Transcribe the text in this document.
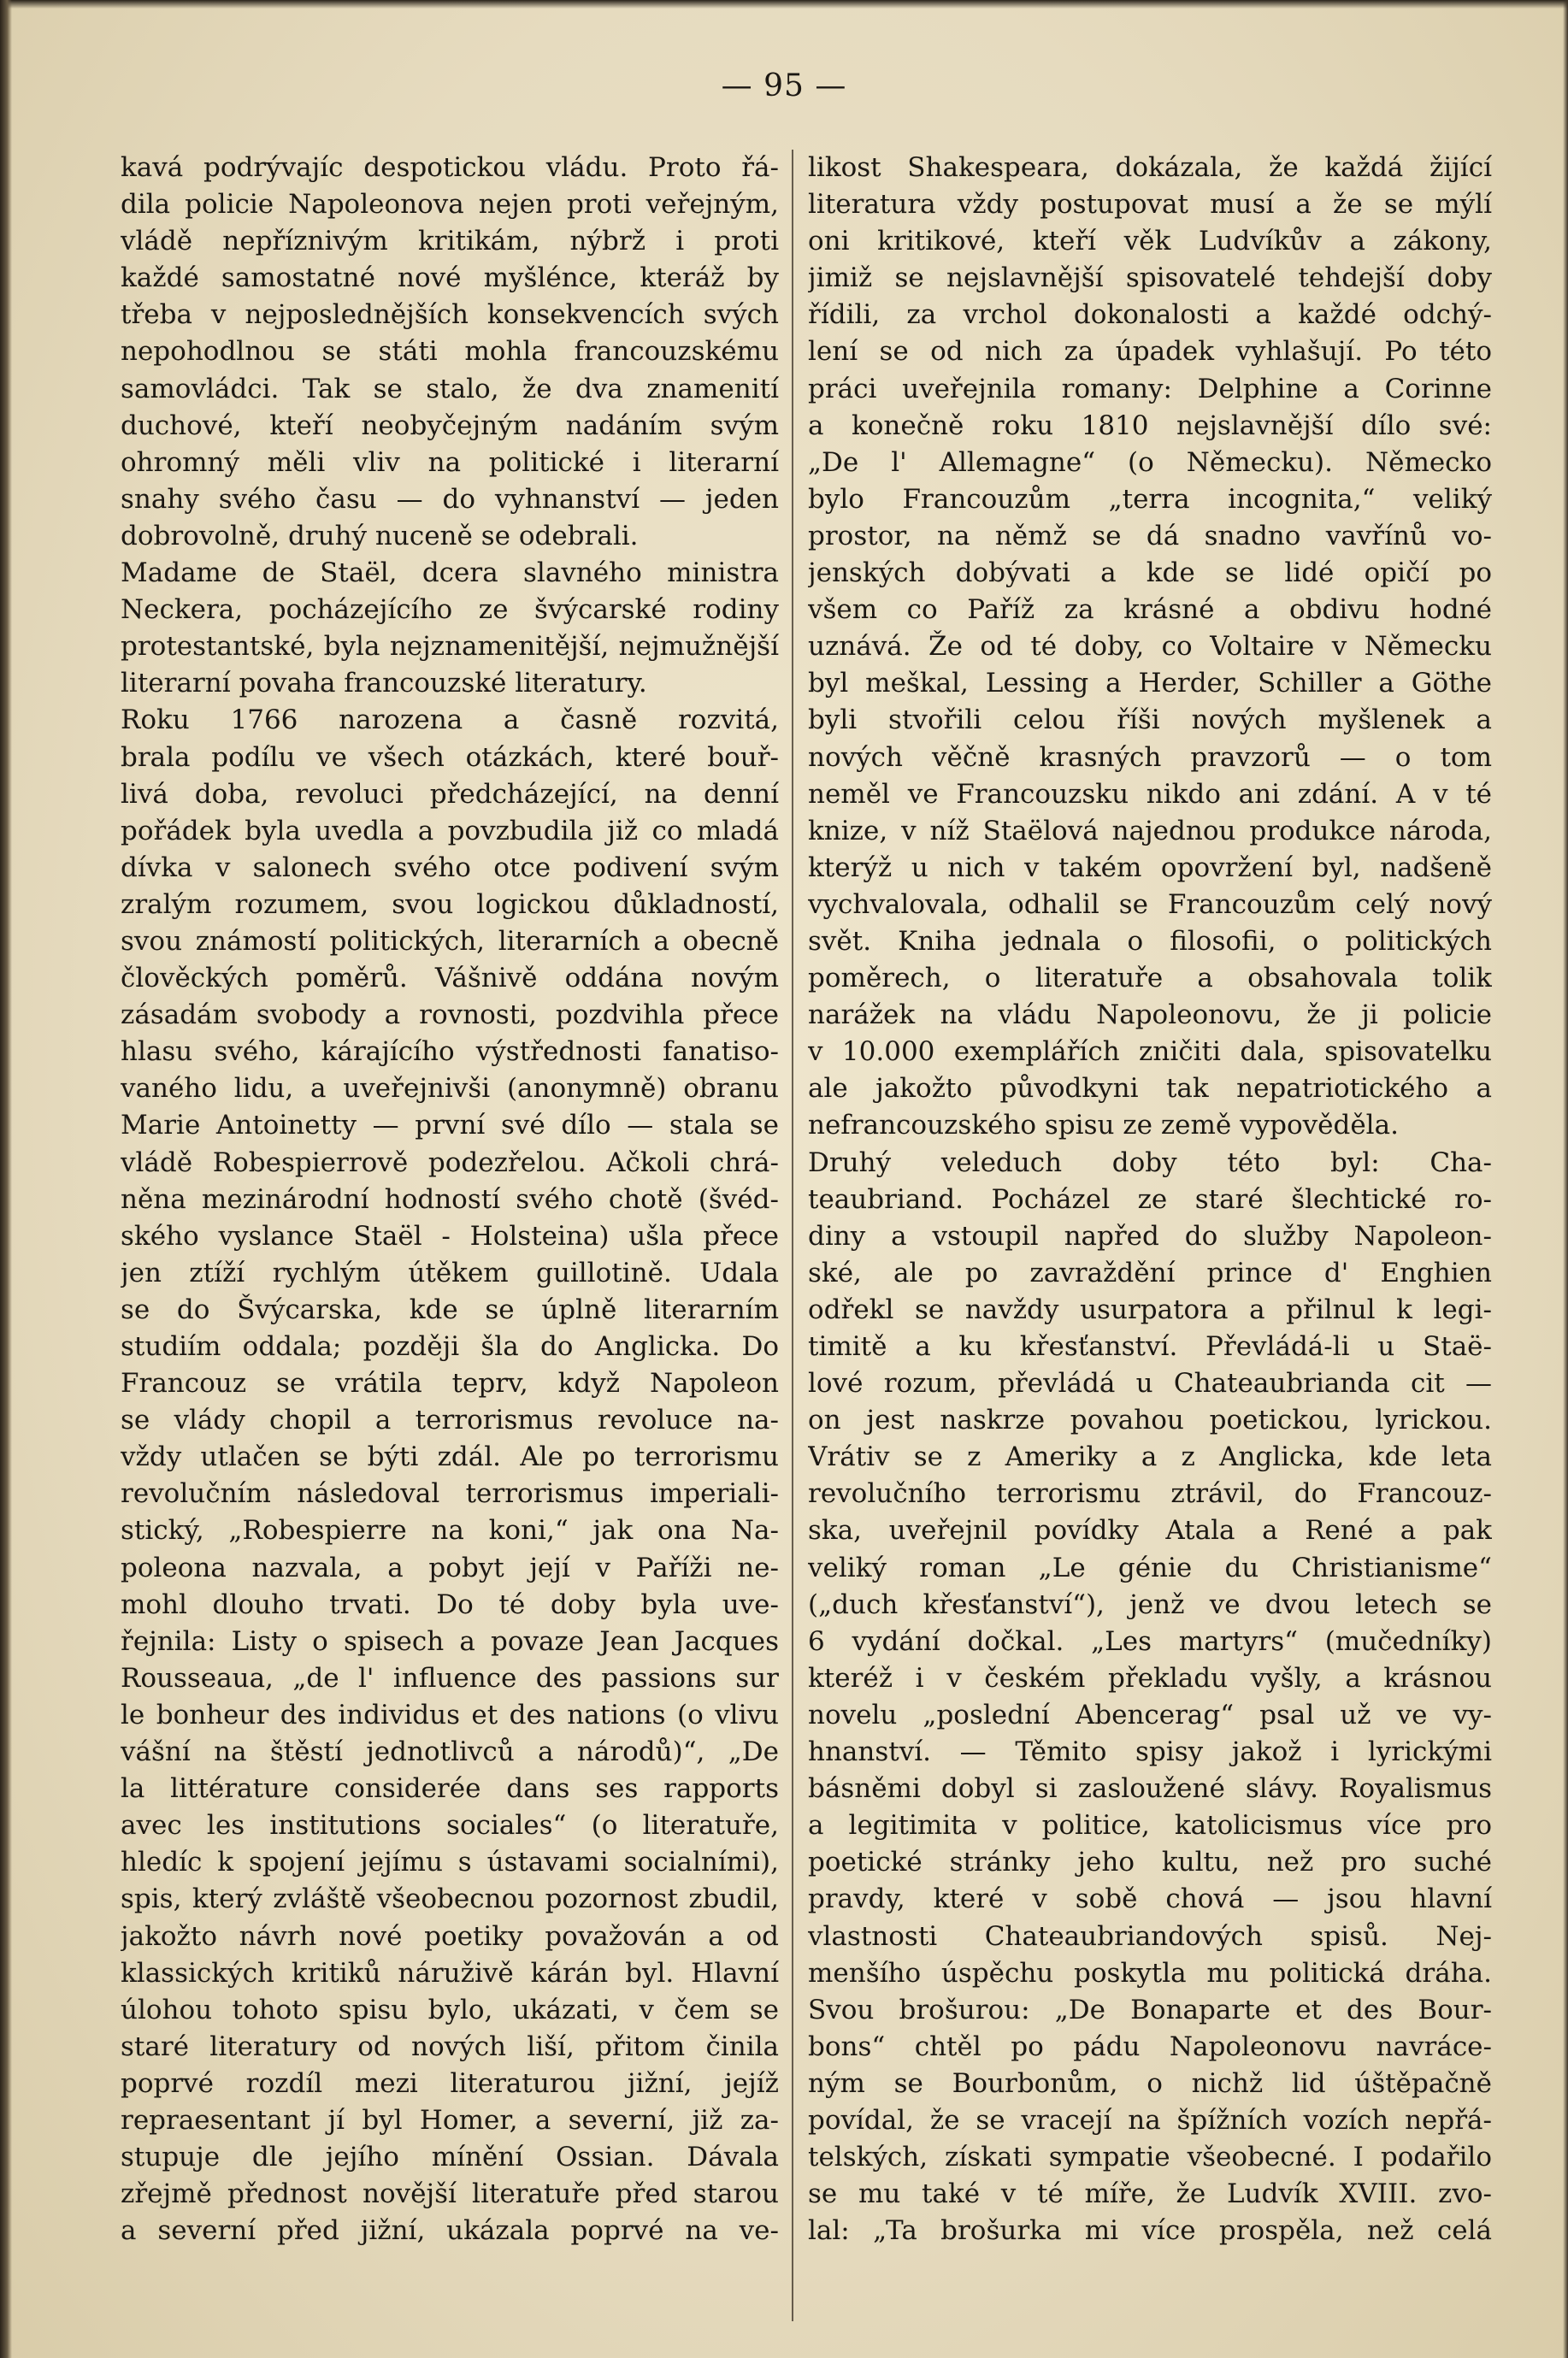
— 95 —
kavá podrývajíc despotickou vládu. Proto řá-
dila policie Napoleonova nejen proti veřejným,
vládě nepříznivým kritikám, nýbrž i proti
každé samostatné nové myšlénce, kteráž by
třeba v nejposlednějších konsekvencích svých
nepohodlnou se státi mohla francouzskému
samovládci. Tak se stalo, že dva znamenití
duchové, kteří neobyčejným nadáním svým
ohromný měli vliv na politické i literarní
snahy svého času — do vyhnanství — jeden
dobrovolně, druhý nuceně se odebrali.
Madame de Staël, dcera slavného ministra
Neckera, pocházejícího ze švýcarské rodiny
protestantské, byla nejznamenitější, nejmužnější
literarní povaha francouzské literatury.
Roku 1766 narozena a časně rozvitá,
brala podílu ve všech otázkách, které bouř-
livá doba, revoluci předcházející, na denní
pořádek byla uvedla a povzbudila již co mladá
dívka v salonech svého otce podivení svým
zralým rozumem, svou logickou důkladností,
svou známostí politických, literarních a obecně
člověckých poměrů. Vášnivě oddána novým
zásadám svobody a rovnosti, pozdvihla přece
hlasu svého, kárajícího výstřednosti fanatiso-
vaného lidu, a uveřejnivši (anonymně) obranu
Marie Antoinetty — první své dílo — stala se
vládě Robespierrově podezřelou. Ačkoli chrá-
něna mezinárodní hodností svého chotě (švéd-
ského vyslance Staël - Holsteina) ušla přece
jen ztíží rychlým útěkem guillotině. Udala
se do Švýcarska, kde se úplně literarním
studiím oddala; později šla do Anglicka. Do
Francouz se vrátila teprv, když Napoleon
se vlády chopil a terrorismus revoluce na-
vždy utlačen se býti zdál. Ale po terrorismu
revolučním následoval terrorismus imperiali-
stický, „Robespierre na koni,“ jak ona Na-
poleona nazvala, a pobyt její v Paříži ne-
mohl dlouho trvati. Do té doby byla uve-
řejnila: Listy o spisech a povaze Jean Jacques
Rousseaua, „de l' influence des passions sur
le bonheur des individus et des nations (o vlivu
vášní na štěstí jednotlivců a národů)“, „De
la littérature considerée dans ses rapports
avec les institutions sociales“ (o literatuře,
hledíc k spojení jejímu s ústavami socialními),
spis, který zvláště všeobecnou pozornost zbudil,
jakožto návrh nové poetiky považován a od
klassických kritiků náruživě kárán byl. Hlavní
úlohou tohoto spisu bylo, ukázati, v čem se
staré literatury od nových liší, přitom činila
poprvé rozdíl mezi literaturou jižní, jejíž
repraesentant jí byl Homer, a severní, již za-
stupuje dle jejího mínění Ossian. Dávala
zřejmě přednost novější literatuře před starou
a severní před jižní, ukázala poprvé na ve-
likost Shakespeara, dokázala, že každá žijící
literatura vždy postupovat musí a že se mýlí
oni kritikové, kteří věk Ludvíkův a zákony,
jimiž se nejslavnější spisovatelé tehdejší doby
řídili, za vrchol dokonalosti a každé odchý-
lení se od nich za úpadek vyhlašují. Po této
práci uveřejnila romany: Delphine a Corinne
a konečně roku 1810 nejslavnější dílo své:
„De l' Allemagne“ (o Německu). Německo
bylo Francouzům „terra incognita,“ veliký
prostor, na němž se dá snadno vavřínů vo-
jenských dobývati a kde se lidé opičí po
všem co Paříž za krásné a obdivu hodné
uznává. Že od té doby, co Voltaire v Německu
byl meškal, Lessing a Herder, Schiller a Göthe
byli stvořili celou říši nových myšlenek a
nových věčně krasných pravzorů — o tom
neměl ve Francouzsku nikdo ani zdání. A v té
knize, v níž Staëlová najednou produkce národa,
kterýž u nich v takém opovržení byl, nadšeně
vychvalovala, odhalil se Francouzům celý nový
svět. Kniha jednala o filosofii, o politických
poměrech, o literatuře a obsahovala tolik
narážek na vládu Napoleonovu, že ji policie
v 10.000 exemplářích zničiti dala, spisovatelku
ale jakožto původkyni tak nepatriotického a
nefrancouzského spisu ze země vypověděla.
Druhý veleduch doby této byl: Cha-
teaubriand. Pocházel ze staré šlechtické ro-
diny a vstoupil napřed do služby Napoleon-
ské, ale po zavraždění prince d' Enghien
odřekl se navždy usurpatora a přilnul k legi-
timitě a ku křesťanství. Převládá-li u Staë-
lové rozum, převládá u Chateaubrianda cit —
on jest naskrze povahou poetickou, lyrickou.
Vrátiv se z Ameriky a z Anglicka, kde leta
revolučního terrorismu ztrávil, do Francouz-
ska, uveřejnil povídky Atala a René a pak
veliký roman „Le génie du Christianisme“
(„duch křesťanství“), jenž ve dvou letech se
6 vydání dočkal. „Les martyrs“ (mučedníky)
kteréž i v českém překladu vyšly, a krásnou
novelu „poslední Abencerag“ psal už ve vy-
hnanství. — Těmito spisy jakož i lyrickými
básněmi dobyl si zasloužené slávy. Royalismus
a legitimita v politice, katolicismus více pro
poetické stránky jeho kultu, než pro suché
pravdy, které v sobě chová — jsou hlavní
vlastnosti Chateaubriandových spisů. Nej-
menšího úspěchu poskytla mu politická dráha.
Svou brošurou: „De Bonaparte et des Bour-
bons“ chtěl po pádu Napoleonovu navrácе-
ným se Bourbonům, o nichž lid úštěpačně
povídal, že se vracejí na špížních vozích nepřá-
telských, získati sympatie všeobecné. I podařilo
se mu také v té míře, že Ludvík XVIII. zvo-
lal: „Ta brošurka mi více prospěla, než celá
